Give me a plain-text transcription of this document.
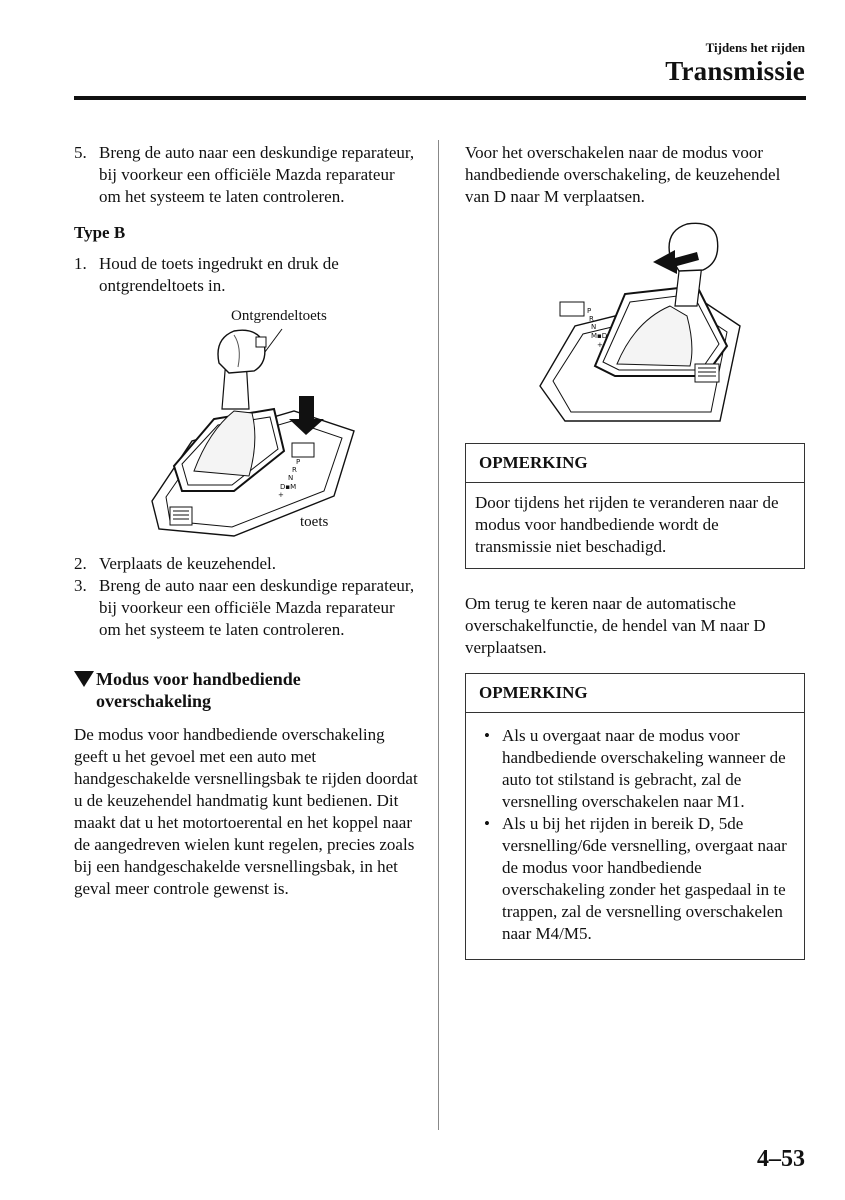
Tijdens het rijden
Transmissie
5. Breng de auto naar een deskundige reparateur, bij voorkeur een officiële Mazda reparateur om het systeem te laten controleren.
Type B
1. Houd de toets ingedrukt en druk de ontgrendeltoets in.
Ontgrendeltoets
toets
P
R
N
D▪M
+
2. Verplaats de keuzehendel.
3. Breng de auto naar een deskundige reparateur, bij voorkeur een officiële Mazda reparateur om het systeem te laten controleren.
Modus voor handbediende
overschakeling
De modus voor handbediende overschakeling geeft u het gevoel met een auto met handgeschakelde versnellingsbak te rijden doordat u de keuzehendel handmatig kunt bedienen. Dit maakt dat u het motortoerental en het koppel naar de aangedreven wielen kunt regelen, precies zoals bij een handgeschakelde versnellingsbak, in het geval meer controle gewenst is.
Voor het overschakelen naar de modus voor handbediende overschakeling, de keuzehendel van D naar M verplaatsen.
P
R
N
M▪D
+
OPMERKING
Door tijdens het rijden te veranderen naar de modus voor handbediende wordt de transmissie niet beschadigd.
Om terug te keren naar de automatische overschakelfunctie, de hendel van M naar D verplaatsen.
OPMERKING
• Als u overgaat naar de modus voor handbediende overschakeling wanneer de auto tot stilstand is gebracht, zal de versnelling overschakelen naar M1.
• Als u bij het rijden in bereik D, 5de versnelling/6de versnelling, overgaat naar de modus voor handbediende overschakeling zonder het gaspedaal in te trappen, zal de versnelling overschakelen naar M4/M5.
4–53
